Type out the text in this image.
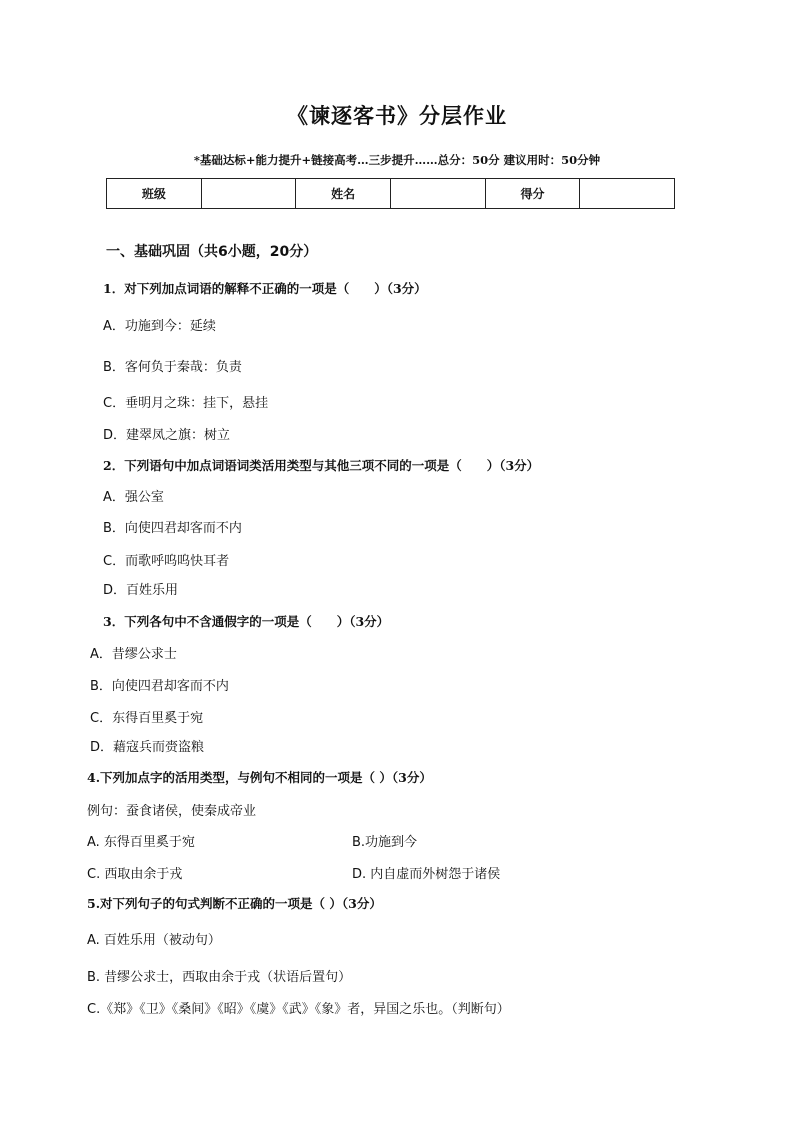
《谏逐客书》分层作业
*基础达标+能力提升+链接高考…三步提升……总分：50分 建议用时：50分钟
班级		姓名		得分	
一、基础巩固（共6小题，20分）
1．对下列加点词语的解释不正确的一项是（　　）（3分）
A．功施到今：延续
B．客何负于秦哉：负责
C．垂明月之珠：挂下，悬挂
D．建翠凤之旗：树立
2．下列语句中加点词语词类活用类型与其他三项不同的一项是（　　）（3分）
A．强公室
B．向使四君却客而不内
C．而歌呼呜呜快耳者
D．百姓乐用
3．下列各句中不含通假字的一项是（　　）（3分）
A．昔缪公求士
B．向使四君却客而不内
C．东得百里奚于宛
D．藉寇兵而赍盗粮
4.下列加点字的活用类型，与例句不相同的一项是（ ）（3分）
例句：蚕食诸侯，使秦成帝业
A. 东得百里奚于宛	B.功施到今
C. 西取由余于戎	D. 内自虚而外树怨于诸侯
5.对下列句子的句式判断不正确的一项是（ ）（3分）
A. 百姓乐用（被动句）
B. 昔缪公求士，西取由余于戎（状语后置句）
C.《郑》《卫》《桑间》《昭》《虞》《武》《象》者，异国之乐也。（判断句）
